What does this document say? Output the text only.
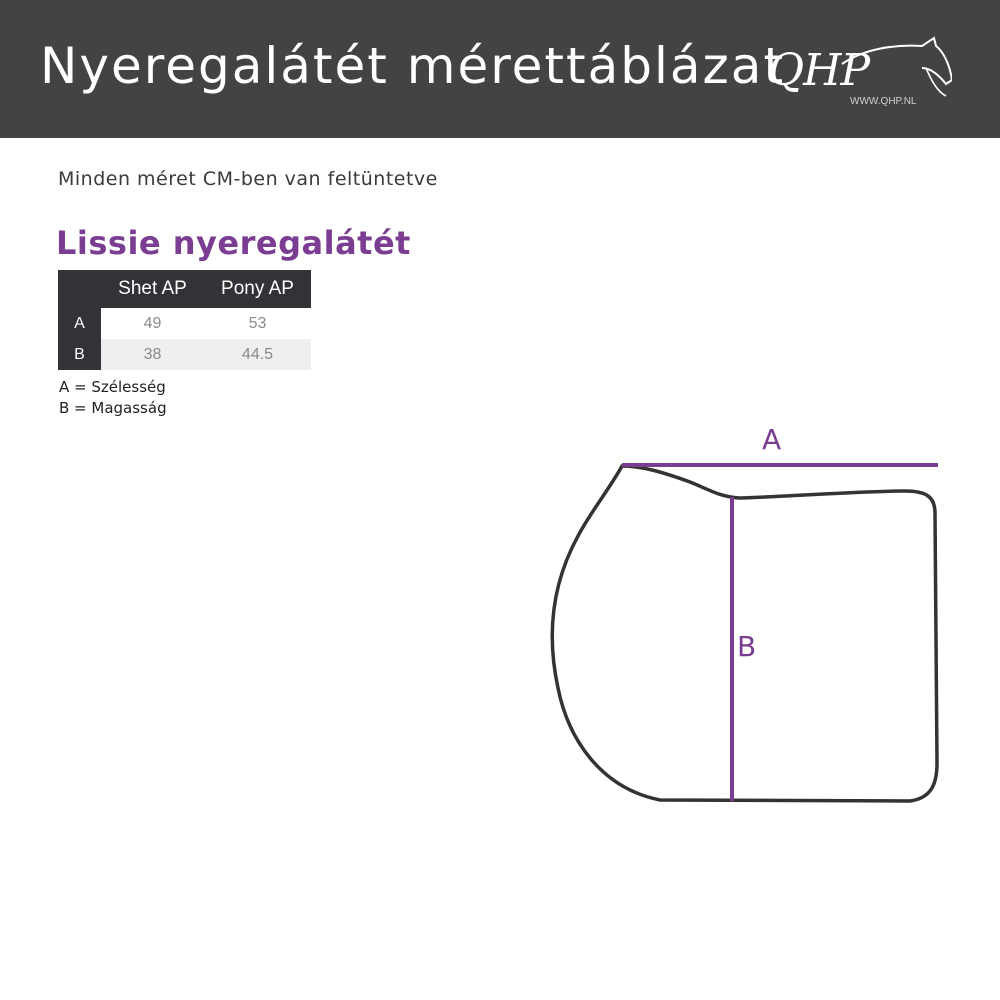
Nyeregalátét mérettáblázat
QHP
WWW.QHP.NL
Minden méret CM-ben van feltüntetve
Lissie nyeregalátét
	Shet AP	Pony AP
A	49	53
B	38	44.5
A = Szélesség
B = Magasság
A
B
